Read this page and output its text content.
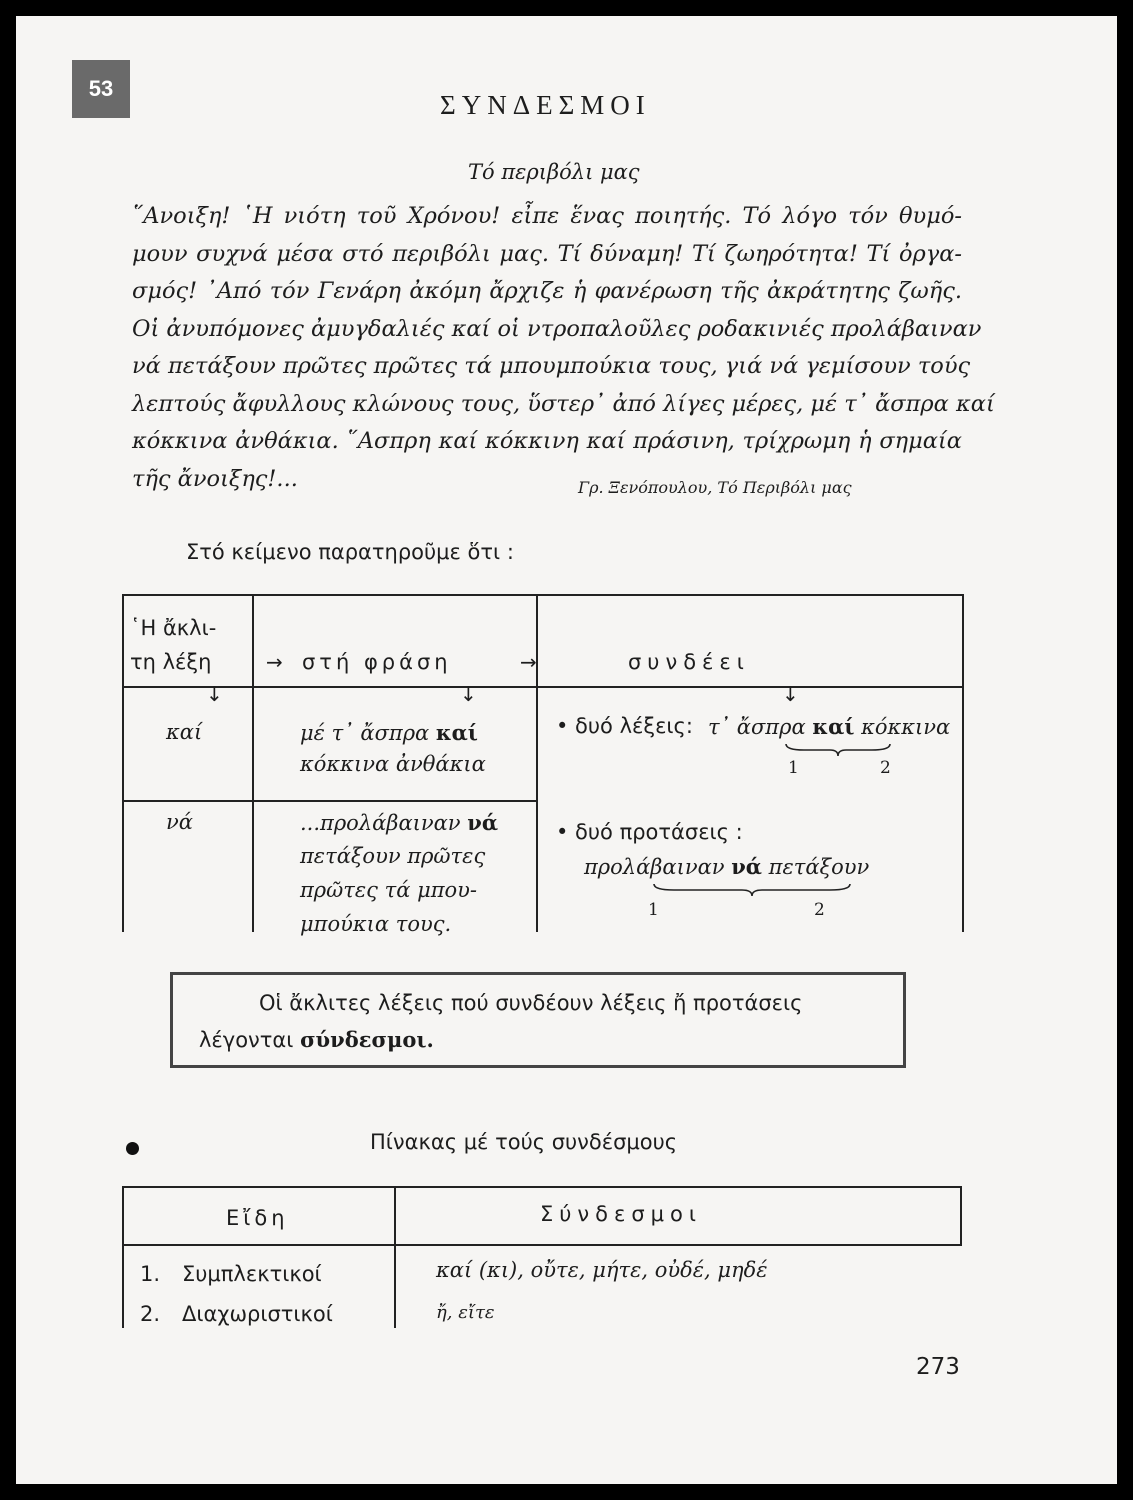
53
ΣΥΝΔΕΣΜΟΙ
Τό περιβόλι μας
῞Ανοιξη! ῾Η νιότη τοῦ Χρόνου! εἶπε ἕνας ποιητής. Τό λόγο τόν θυμό-
μουν συχνά μέσα στό περιβόλι μας. Τί δύναμη! Τί ζωηρότητα! Τί ὀργα-
σμός! ᾽Από τόν Γενάρη ἀκόμη ἄρχιζε ἡ φανέρωση τῆς ἀκράτητης ζωῆς.
Οἱ ἀνυπόμονες ἀμυγδαλιές καί οἱ ντροπαλοῦλες ροδακινιές προλάβαιναν
νά πετάξουν πρῶτες πρῶτες τά μπουμπούκια τους, γιά νά γεμίσουν τούς
λεπτούς ἄφυλλους κλώνους τους, ὕστερ᾽ ἀπό λίγες μέρες, μέ τ᾽ ἄσπρα καί
κόκκινα ἀνθάκια. ῞Ασπρη καί κόκκινη καί πράσινη, τρίχρωμη ἡ σημαία
τῆς ἄνοιξης!...	Γρ. Ξενόπουλου, Τό Περιβόλι μας
Στό κείμενο παρατηροῦμε ὅτι :
῾Η ἄκλι-
τη λέξη	→ στή φράση	→	συνδέει
↓	↓	↓
καί	μέ τ᾽ ἄσπρα καί
κόκκινα ἀνθάκια
• δυό λέξεις: τ᾽ ἄσπρα καί κόκκινα
1	2
νά	...προλάβαιναν νά
πετάξουν πρῶτες
πρῶτες τά μπου-
μπούκια τους.
• δυό προτάσεις :
προλάβαιναν νά πετάξουν
1	2
Οἱ ἄκλιτες λέξεις πού συνδέουν λέξεις ἤ προτάσεις
λέγονται σύνδεσμοι.
Πίνακας μέ τούς συνδέσμους
Εἴδη	Σύνδεσμοι
1. Συμπλεκτικοί	καί (κι), οὔτε, μήτε, οὐδέ, μηδέ
2. Διαχωριστικοί	ἤ, εἴτε
273
